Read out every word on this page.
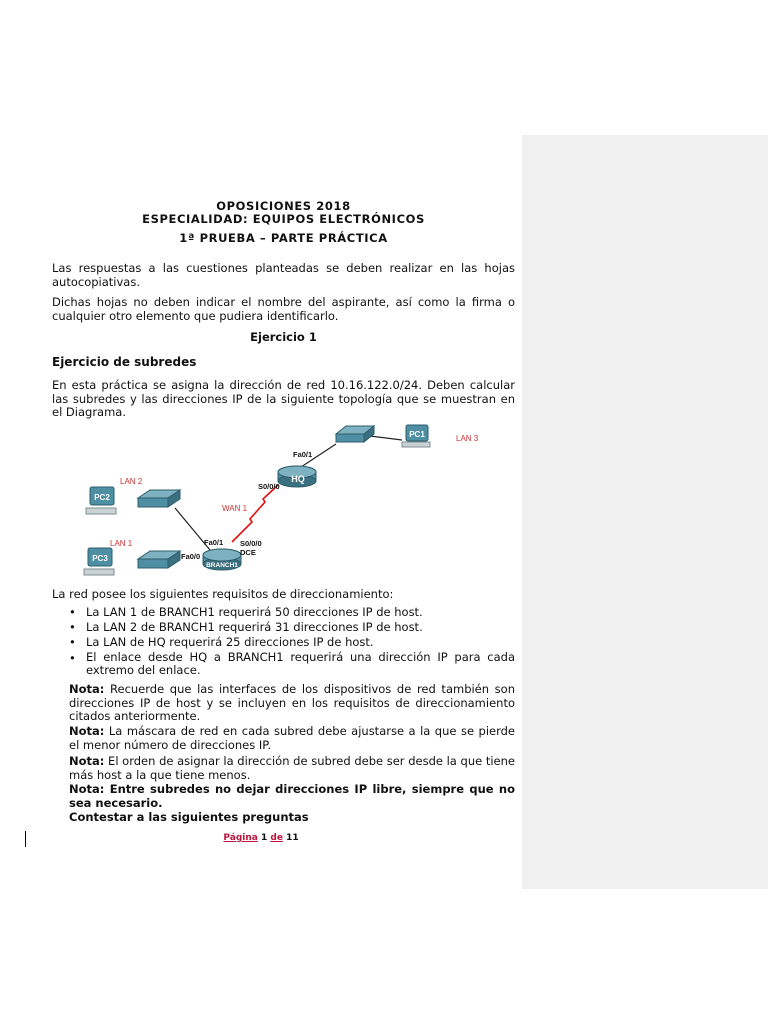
OPOSICIONES 2018
ESPECIALIDAD: EQUIPOS ELECTRÓNICOS
1ª PRUEBA – PARTE PRÁCTICA
Las respuestas a las cuestiones planteadas se deben realizar en las hojas autocopiativas.
Dichas hojas no deben indicar el nombre del aspirante, así como la firma o cualquier otro elemento que pudiera identificarlo.
Ejercicio 1
Ejercicio de subredes
En esta práctica se asigna la dirección de red 10.16.122.0/24. Deben calcular las subredes y las direcciones IP de la siguiente topología que se muestran en el Diagrama.
PC1	LAN 3
HQ
Fa0/1
S0/0/0
WAN 1
LAN 2
PC2
LAN 1
PC3
BRANCH1
Fa0/1
Fa0/0
S0/0/0
DCE
La red posee los siguientes requisitos de direccionamiento:
• La LAN 1 de BRANCH1 requerirá 50 direcciones IP de host.
• La LAN 2 de BRANCH1 requerirá 31 direcciones IP de host.
• La LAN de HQ requerirá 25 direcciones IP de host.
• El enlace desde HQ a BRANCH1 requerirá una dirección IP para cada extremo del enlace.
Nota: Recuerde que las interfaces de los dispositivos de red también son direcciones IP de host y se incluyen en los requisitos de direccionamiento citados anteriormente.
Nota: La máscara de red en cada subred debe ajustarse a la que se pierde el menor número de direcciones IP.
Nota: El orden de asignar la dirección de subred debe ser desde la que tiene más host a la que tiene menos.
Nota: Entre subredes no dejar direcciones IP libre, siempre que no sea necesario.
Contestar a las siguientes preguntas
Página 1 de 11
